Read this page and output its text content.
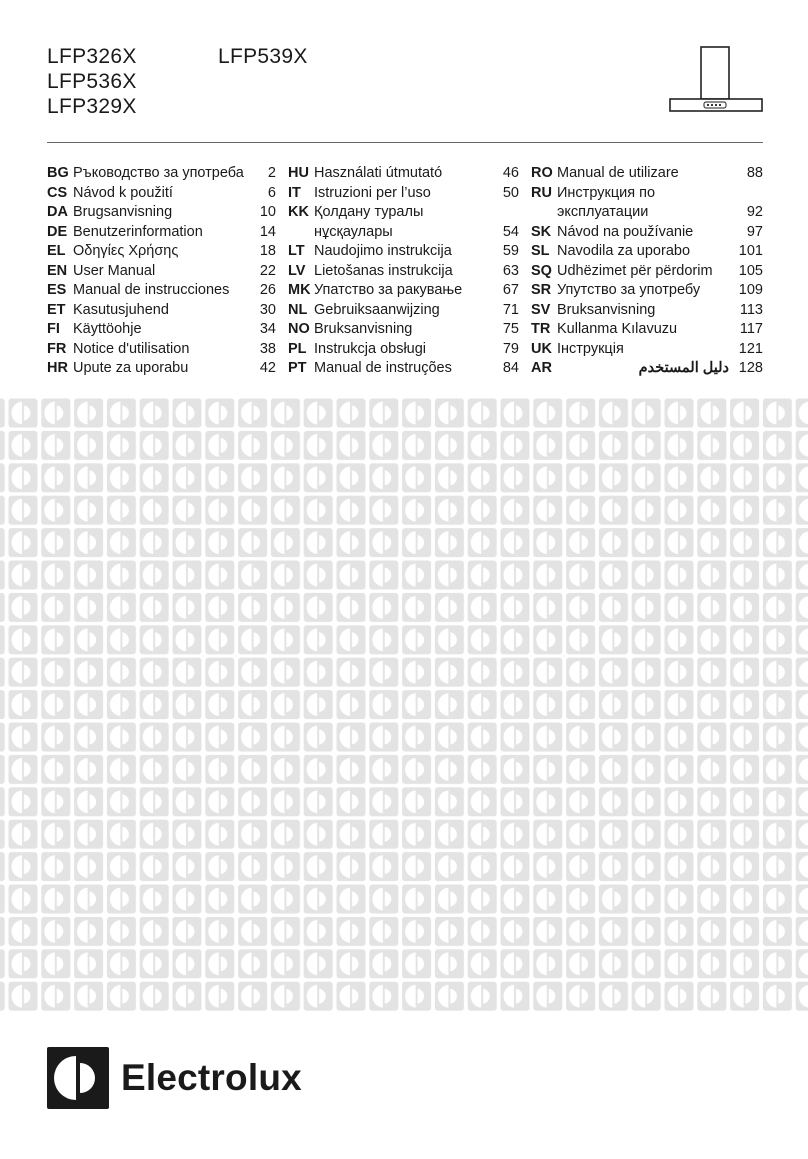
LFP326X	LFP539X
LFP536X
LFP329X
BG Ръководство за употреба 2
CS Návod k použití	6
DA Brugsanvisning	10
DE Benutzerinformation	14
EL Οδηγίες Χρήσης	18
EN User Manual	22
ES Manual de instrucciones 26
ET Kasutusjuhend	30
FI Käyttöohje	34
FR Notice d'utilisation	38
HR Upute za uporabu	42
HU Használati útmutató	46
IT Istruzioni per l’uso	50
KK Қолдану туралы
нұсқаулары	54
LT Naudojimo instrukcija	59
LV Lietošanas instrukcija	63
MK Упатство за ракување	67
NL Gebruiksaanwijzing	71
NO Bruksanvisning	75
PL Instrukcja obsługi	79
PT Manual de instruções	84
RO Manual de utilizare	88
RU Инструкция по
эксплуатации	92
SK Návod na používanie	97
SL Navodila za uporabo	101
SQ Udhëzimet për përdorim 105
SR Упутство за употребу	109
SV Bruksanvisning	113
TR Kullanma Kılavuzu	117
UK Інструкція	121
AR	دليل المستخدم 128
Electrolux
